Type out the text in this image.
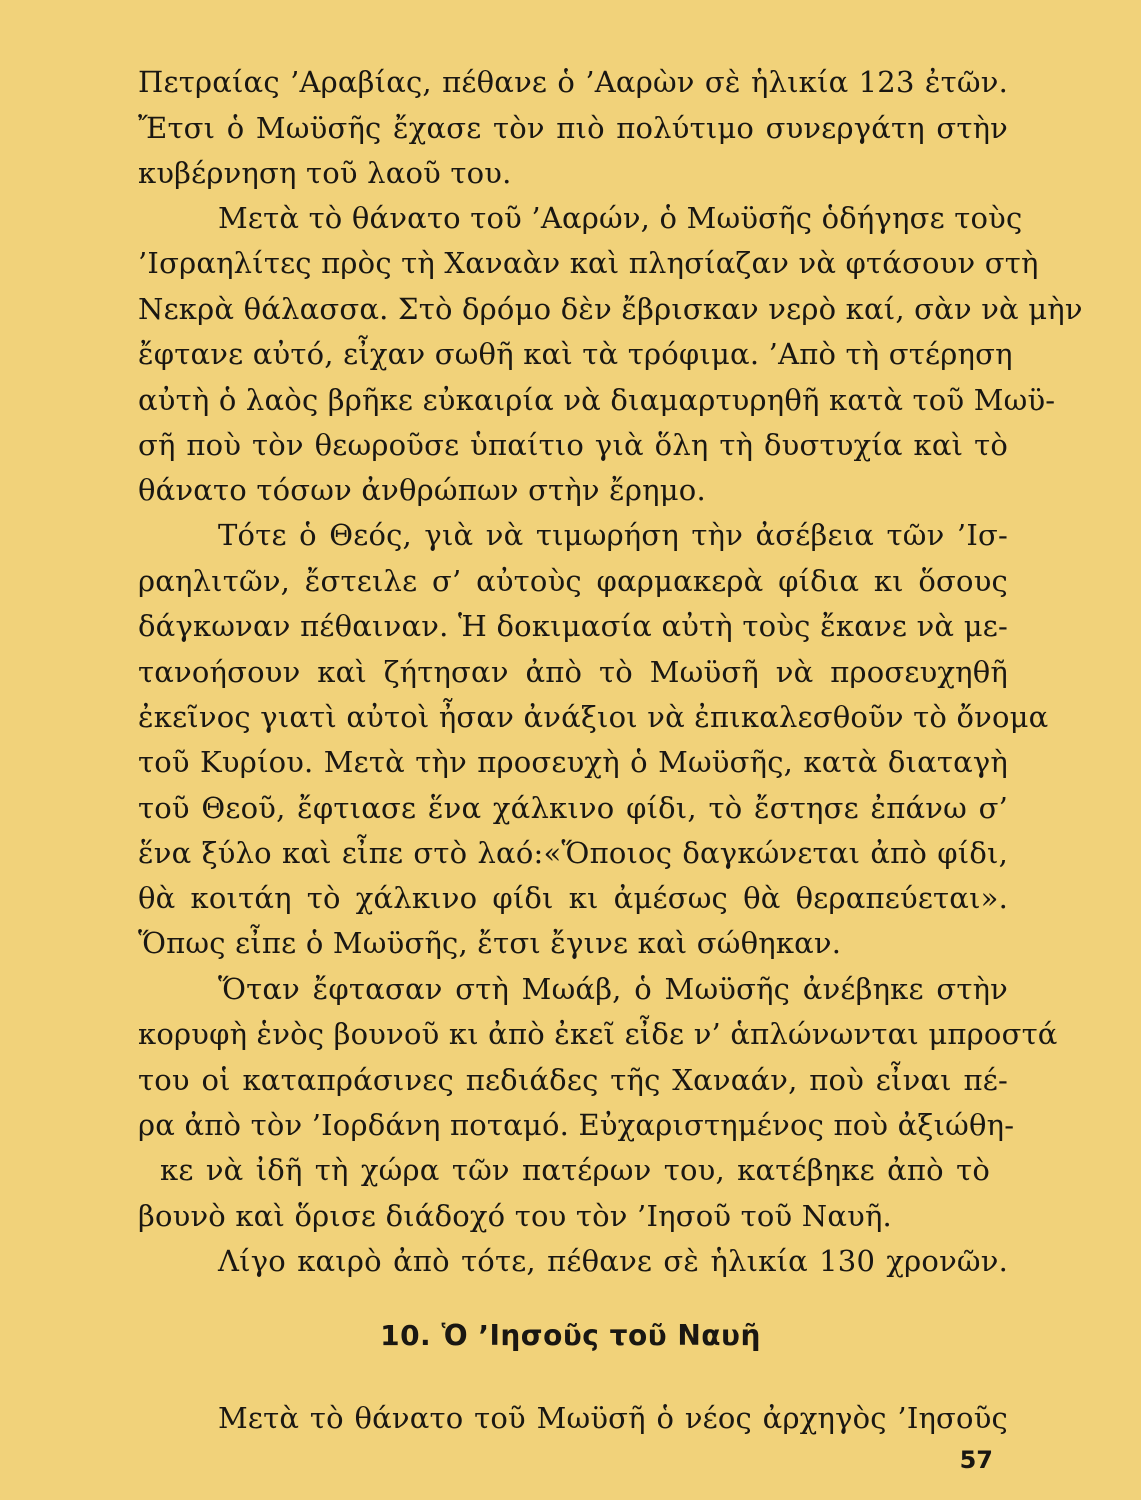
Πετραίας ’Αραβίας, πέθανε ὁ ’Ααρὼν σὲ ἡλικία 123 ἐτῶν.

Ἔτσι ὁ Μωϋσῆς ἔχασε τὸν πιὸ πολύτιμο συνεργάτη στὴν

κυβέρνηση τοῦ λαοῦ του.

Μετὰ τὸ θάνατο τοῦ ’Ααρών, ὁ Μωϋσῆς ὁδήγησε τοὺς

’Ισραηλίτες πρὸς τὴ Χαναὰν καὶ πλησίαζαν νὰ φτάσουν στὴ

Νεκρὰ θάλασσα. Στὸ δρόμο δὲν ἔβρισκαν νερὸ καί, σὰν νὰ μὴν

ἔφτανε αὐτό, εἶχαν σωθῆ καὶ τὰ τρόφιμα. ’Απὸ τὴ στέρηση

αὐτὴ ὁ λαὸς βρῆκε εὐκαιρία νὰ διαμαρτυρηθῆ κατὰ τοῦ Μωϋ-

σῆ ποὺ τὸν θεωροῦσε ὑπαίτιο γιὰ ὅλη τὴ δυστυχία καὶ τὸ

θάνατο τόσων ἀνθρώπων στὴν ἔρημο.

Τότε ὁ Θεός, γιὰ νὰ τιμωρήση τὴν ἀσέβεια τῶν ’Ισ-

ραηλιτῶν, ἔστειλε σ’ αὐτοὺς φαρμακερὰ φίδια κι ὅσους

δάγκωναν πέθαιναν. Ἡ δοκιμασία αὐτὴ τοὺς ἔκανε νὰ με-

τανοήσουν καὶ ζήτησαν ἀπὸ τὸ Μωϋσῆ νὰ προσευχηθῆ

ἐκεῖνος γιατὶ αὐτοὶ ἦσαν ἀνάξιοι νὰ ἐπικαλεσθοῦν τὸ ὄνομα

τοῦ Κυρίου. Μετὰ τὴν προσευχὴ ὁ Μωϋσῆς, κατὰ διαταγὴ

τοῦ Θεοῦ, ἔφτιασε ἕνα χάλκινο φίδι, τὸ ἔστησε ἐπάνω σ’

ἕνα ξύλο καὶ εἶπε στὸ λαό:«Ὅποιος δαγκώνεται ἀπὸ φίδι,

θὰ κοιτάη τὸ χάλκινο φίδι κι ἀμέσως θὰ θεραπεύεται».

Ὅπως εἶπε ὁ Μωϋσῆς, ἔτσι ἔγινε καὶ σώθηκαν.

Ὅταν ἔφτασαν στὴ Μωάβ, ὁ Μωϋσῆς ἀνέβηκε στὴν

κορυφὴ ἑνὸς βουνοῦ κι ἀπὸ ἐκεῖ εἶδε ν’ ἁπλώνωνται μπροστά

του οἱ καταπράσινες πεδιάδες τῆς Χαναάν, ποὺ εἶναι πέ-

ρα ἀπὸ τὸν ’Ιορδάνη ποταμό. Εὐχαριστημένος ποὺ ἀξιώθη-

κε νὰ ἰδῆ τὴ χώρα τῶν πατέρων του, κατέβηκε ἀπὸ τὸ

βουνὸ καὶ ὅρισε διάδοχό του τὸν ’Ιησοῦ τοῦ Ναυῆ.

Λίγο καιρὸ ἀπὸ τότε, πέθανε σὲ ἡλικία 130 χρονῶν.

10. Ὁ ’Ιησοῦς τοῦ Ναυῆ

Μετὰ τὸ θάνατο τοῦ Μωϋσῆ ὁ νέος ἀρχηγὸς ’Ιησοῦς

57
